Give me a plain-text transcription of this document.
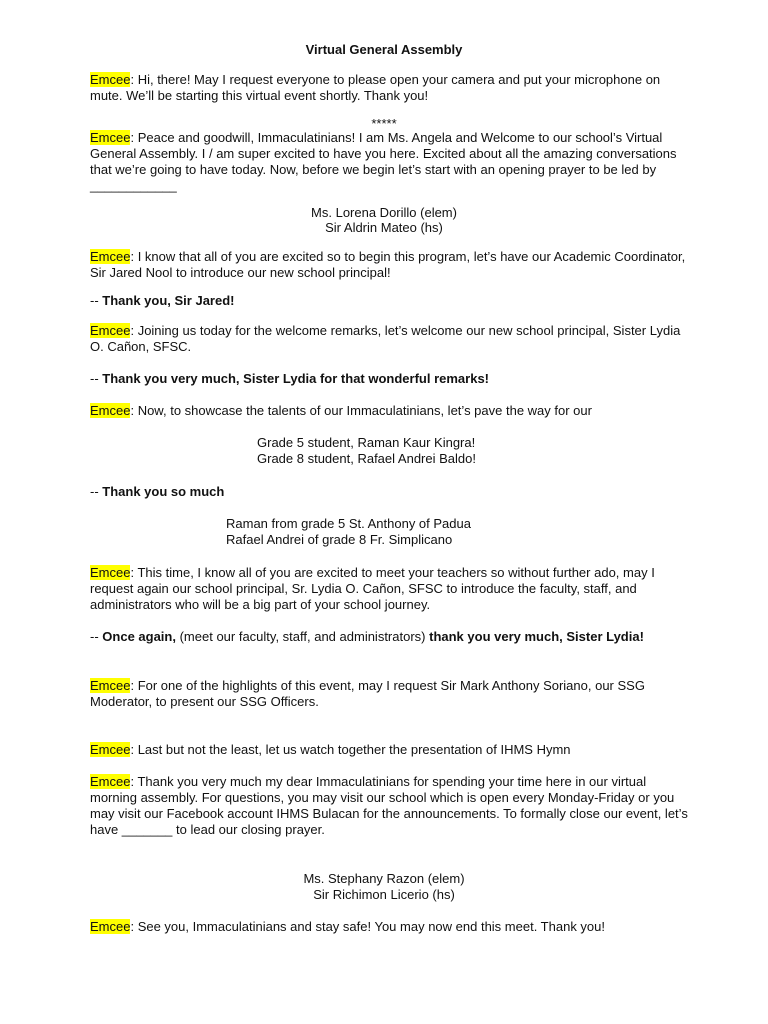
Virtual General Assembly

Emcee: Hi, there! May I request everyone to please open your camera and put your microphone on mute. We’ll be starting this virtual event shortly. Thank you!

*****

Emcee: Peace and goodwill, Immaculatinians! I am Ms. Angela and Welcome to our school’s Virtual General Assembly. I / am super excited to have you here. Excited about all the amazing conversations that we’re going to have today. Now, before we begin let’s start with an opening prayer to be led by ____________

Ms. Lorena Dorillo (elem)
Sir Aldrin Mateo (hs)

Emcee: I know that all of you are excited so to begin this program, let’s have our Academic Coordinator, Sir Jared Nool to introduce our new school principal!

-- Thank you, Sir Jared!

Emcee: Joining us today for the welcome remarks, let’s welcome our new school principal, Sister Lydia O. Cañon, SFSC.

-- Thank you very much, Sister Lydia for that wonderful remarks!

Emcee: Now, to showcase the talents of our Immaculatinians, let’s pave the way for our

Grade 5 student, Raman Kaur Kingra!
Grade 8 student, Rafael Andrei Baldo!

-- Thank you so much

Raman from grade 5 St. Anthony of Padua
Rafael Andrei of grade 8 Fr. Simplicano

Emcee: This time, I know all of you are excited to meet your teachers so without further ado, may I request again our school principal, Sr. Lydia O. Cañon, SFSC to introduce the faculty, staff, and administrators who will be a big part of your school journey.

-- Once again, (meet our faculty, staff, and administrators) thank you very much, Sister Lydia!

Emcee: For one of the highlights of this event, may I request Sir Mark Anthony Soriano, our SSG Moderator, to present our SSG Officers.

Emcee: Last but not the least, let us watch together the presentation of IHMS Hymn

Emcee: Thank you very much my dear Immaculatinians for spending your time here in our virtual morning assembly. For questions, you may visit our school which is open every Monday-Friday or you may visit our Facebook account IHMS Bulacan for the announcements. To formally close our event, let’s have _______ to lead our closing prayer.

Ms. Stephany Razon (elem)
Sir Richimon Licerio (hs)

Emcee: See you, Immaculatinians and stay safe! You may now end this meet. Thank you!
